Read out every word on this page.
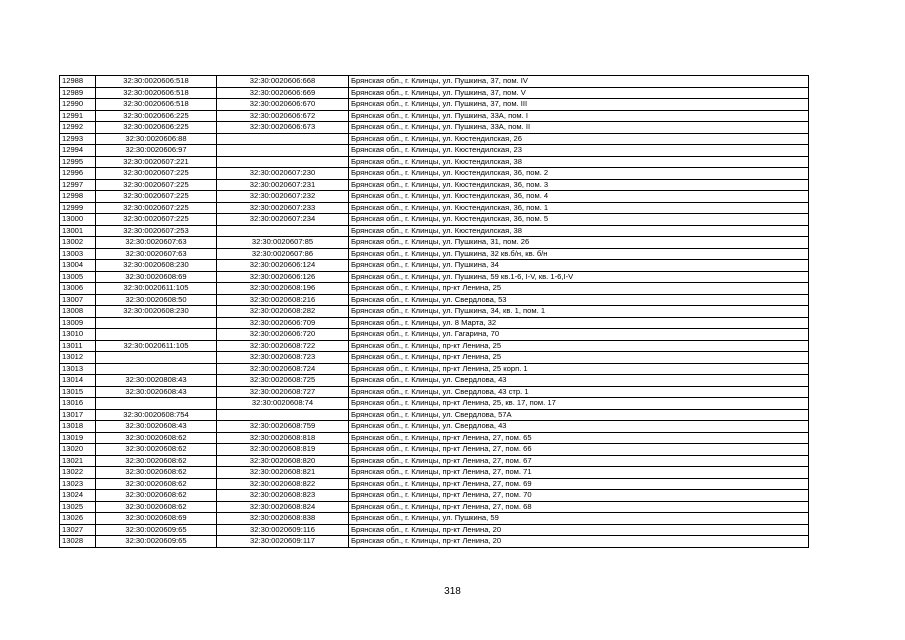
12988	32:30:0020606:518	32:30:0020606:668	Брянская обл., г. Клинцы, ул. Пушкина, 37, пом. IV
12989	32:30:0020606:518	32:30:0020606:669	Брянская обл., г. Клинцы, ул. Пушкина, 37, пом. V
12990	32:30:0020606:518	32:30:0020606:670	Брянская обл., г. Клинцы, ул. Пушкина, 37, пом. III
12991	32:30:0020606:225	32:30:0020606:672	Брянская обл., г. Клинцы, ул. Пушкина, 33А, пом. I
12992	32:30:0020606:225	32:30:0020606:673	Брянская обл., г. Клинцы, ул. Пушкина, 33А, пом. II
12993	32:30:0020606:88		Брянская обл., г. Клинцы, ул. Кюстендилская, 26
12994	32:30:0020606:97		Брянская обл., г. Клинцы, ул. Кюстендилская, 23
12995	32:30:0020607:221		Брянская обл., г. Клинцы, ул. Кюстендилская, 38
12996	32:30:0020607:225	32:30:0020607:230	Брянская обл., г. Клинцы, ул. Кюстендилская, 36, пом. 2
12997	32:30:0020607:225	32:30:0020607:231	Брянская обл., г. Клинцы, ул. Кюстендилская, 36, пом. 3
12998	32:30:0020607:225	32:30:0020607:232	Брянская обл., г. Клинцы, ул. Кюстендилская, 36, пом. 4
12999	32:30:0020607:225	32:30:0020607:233	Брянская обл., г. Клинцы, ул. Кюстендилская, 36, пом. 1
13000	32:30:0020607:225	32:30:0020607:234	Брянская обл., г. Клинцы, ул. Кюстендилская, 36, пом. 5
13001	32:30:0020607:253		Брянская обл., г. Клинцы, ул. Кюстендилская, 38
13002	32:30:0020607:63	32:30:0020607:85	Брянская обл., г. Клинцы, ул. Пушкина, 31, пом. 26
13003	32:30:0020607:63	32:30:0020607:86	Брянская обл., г. Клинцы, ул. Пушкина, 32 кв.б/н, кв. б/н
13004	32:30:0020608:230	32:30:0020606:124	Брянская обл., г. Клинцы, ул. Пушкина, 34
13005	32:30:0020608:69	32:30:0020606:126	Брянская обл., г. Клинцы, ул. Пушкина, 59 кв.1-6, I-V, кв. 1-6,I-V
13006	32:30:0020611:105	32:30:0020608:196	Брянская обл., г. Клинцы, пр-кт Ленина, 25
13007	32:30:0020608:50	32:30:0020608:216	Брянская обл., г. Клинцы, ул. Свердлова, 53
13008	32:30:0020608:230	32:30:0020608:282	Брянская обл., г. Клинцы, ул. Пушкина, 34, кв. 1, пом. 1
13009		32:30:0020606:709	Брянская обл., г. Клинцы, ул. 8 Марта, 32
13010		32:30:0020606:720	Брянская обл., г. Клинцы, ул. Гагарина, 70
13011	32:30:0020611:105	32:30:0020608:722	Брянская обл., г. Клинцы, пр-кт Ленина, 25
13012		32:30:0020608:723	Брянская обл., г. Клинцы, пр-кт Ленина, 25
13013		32:30:0020608:724	Брянская обл., г. Клинцы, пр-кт Ленина, 25 корп. 1
13014	32:30:0020808:43	32:30:0020608:725	Брянская обл., г. Клинцы, ул. Свердлова, 43
13015	32:30:0020608:43	32:30:0020608:727	Брянская обл., г. Клинцы, ул. Свердлова, 43 стр. 1
13016		32:30:0020608:74	Брянская обл., г. Клинцы, пр-кт Ленина, 25, кв. 17, пом. 17
13017	32:30:0020608:754		Брянская обл., г. Клинцы, ул. Свердлова, 57А
13018	32:30:0020608:43	32:30:0020608:759	Брянская обл., г. Клинцы, ул. Свердлова, 43
13019	32:30:0020608:62	32:30:0020608:818	Брянская обл., г. Клинцы, пр-кт Ленина, 27, пом. 65
13020	32:30:0020608:62	32:30:0020608:819	Брянская обл., г. Клинцы, пр-кт Ленина, 27, пом. 66
13021	32:30:0020608:62	32:30:0020608:820	Брянская обл., г. Клинцы, пр-кт Ленина, 27, пом. 67
13022	32:30:0020608:62	32:30:0020608:821	Брянская обл., г. Клинцы, пр-кт Ленина, 27, пом. 71
13023	32:30:0020608:62	32:30:0020608:822	Брянская обл., г. Клинцы, пр-кт Ленина, 27, пом. 69
13024	32:30:0020608:62	32:30:0020608:823	Брянская обл., г. Клинцы, пр-кт Ленина, 27, пом. 70
13025	32:30:0020608:62	32:30:0020608:824	Брянская обл., г. Клинцы, пр-кт Ленина, 27, пом. 68
13026	32:30:0020608:69	32:30:0020608:838	Брянская обл., г. Клинцы, ул. Пушкина, 59
13027	32:30:0020609:65	32:30:0020609:116	Брянская обл., г. Клинцы, пр-кт Ленина, 20
13028	32:30:0020609:65	32:30:0020609:117	Брянская обл., г. Клинцы, пр-кт Ленина, 20
318
